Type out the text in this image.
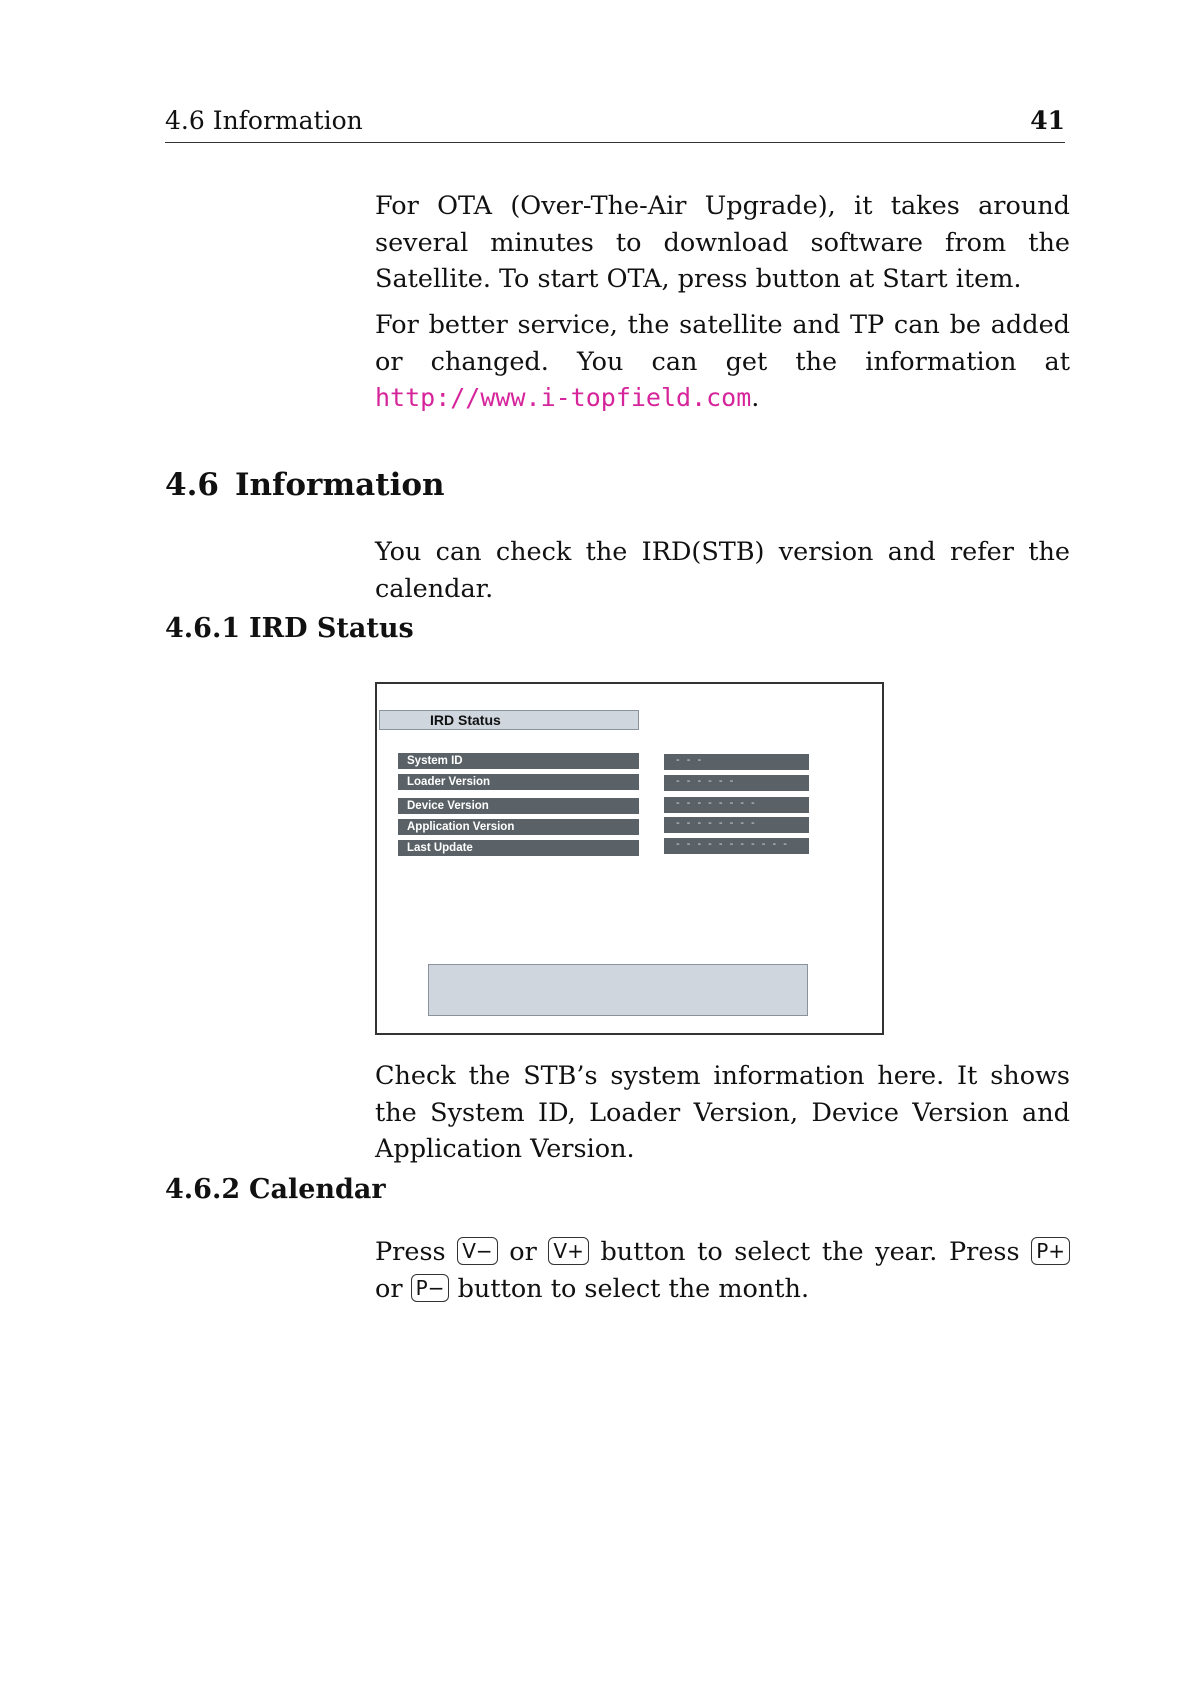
4.6 Information	41
For OTA (Over-The-Air Upgrade), it takes around several minutes to download software from the Satellite. To start OTA, press button at Start item.
For better service, the satellite and TP can be added or changed. You can get the information at http://www.i-topfield.com.
4.6 Information
You can check the IRD(STB) version and refer the calendar.
4.6.1 IRD Status
IRD Status
System ID	- - -
Loader Version	- - - - - -
Device Version	- - - - - - - -
Application Version	- - - - - - - -
Last Update	- - - - - - - - - - -
Check the STB’s system information here. It shows the System ID, Loader Version, Device Version and Application Version.
4.6.2 Calendar
Press V− or V+ button to select the year. Press P+ or P− button to select the month.
